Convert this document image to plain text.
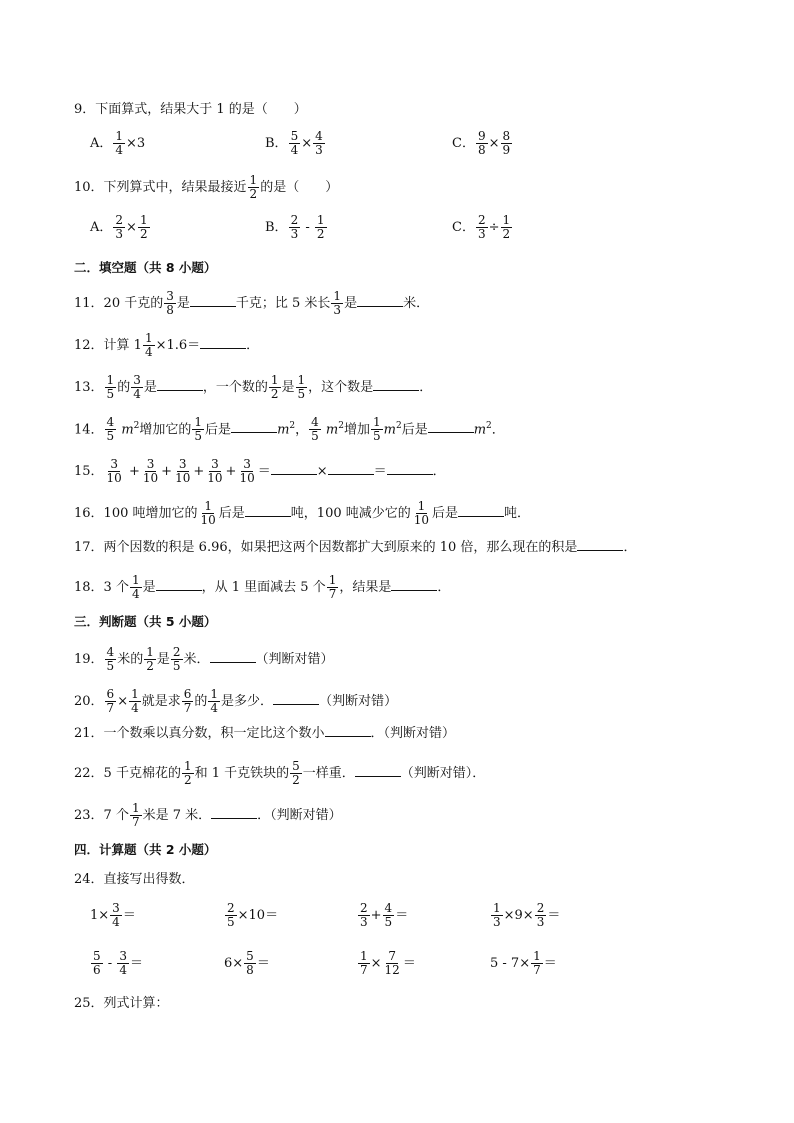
9．下面算式，结果大于 1 的是（　　）
A． $\frac{1}{4} \times 3$	B． $\frac{5}{4} \times \frac{4}{3}$	C． $\frac{9}{8} \times \frac{8}{9}$
10．下列算式中，结果最接近 $\frac{1}{2}$ 的是（　　）
A． $\frac{2}{3} \times \frac{1}{2}$	B． $\frac{2}{3} - \frac{1}{2}$	C． $\frac{2}{3} \div \frac{1}{2}$
二．填空题（共 8 小题）
11．20 千克的 $\frac{3}{8}$ 是	千克；比 5 米长 $\frac{1}{3}$ 是	米．
12．计算 $1 \frac{1}{4} \times 1.6=$	．
13． $\frac{1}{5}$ 的 $\frac{3}{4}$ 是	，一个数的 $\frac{1}{2}$ 是 $\frac{1}{5}$ ，这个数是	．
14． $\frac{4}{5} m^2$增加它的 $\frac{1}{5}$ 后是	$m^2$， $\frac{4}{5} m^2$增加 $\frac{1}{5} m^2$后是	$m^2$．
15． $\frac{3}{10} + \frac{3}{10} + \frac{3}{10} + \frac{3}{10} + \frac{3}{10}$ ＝	×	＝	．
16．100 吨增加它的 $\frac{1}{10}$ 后是	吨，100 吨减少它的 $\frac{1}{10}$ 后是	吨．
17．两个因数的积是 6.96，如果把这两个因数都扩大到原来的 10 倍，那么现在的积是	．
18．3 个 $\frac{1}{4}$ 是	，从 1 里面减去 5 个 $\frac{1}{7}$ ，结果是	．
三．判断题（共 5 小题）
19． $\frac{4}{5}$ 米的 $\frac{1}{2}$ 是 $\frac{2}{5}$ 米．	（判断对错）
20． $\frac{6}{7} \times \frac{1}{4}$ 就是求 $\frac{6}{7}$ 的 $\frac{1}{4}$ 是多少．	（判断对错）
21．一个数乘以真分数，积一定比这个数小	．（判断对错）
22．5 千克棉花的 $\frac{1}{2}$ 和 1 千克铁块的 $\frac{5}{2}$ 一样重．	（判断对错）．
23．7 个 $\frac{1}{7}$ 米是 7 米．	．（判断对错）
四．计算题（共 2 小题）
24．直接写出得数．
$1\times \frac{3}{4}$ ＝	$\frac{2}{5} \times 10=$	$\frac{2}{3} + \frac{4}{5}$ ＝	$\frac{1}{3} \times 9\times \frac{2}{3}$ ＝
$\frac{5}{6} - \frac{3}{4}$ ＝	$6\times \frac{5}{8}$ ＝	$\frac{1}{7} \times \frac{7}{12}$ ＝	$5 - 7\times \frac{1}{7}$ ＝
25．列式计算：
